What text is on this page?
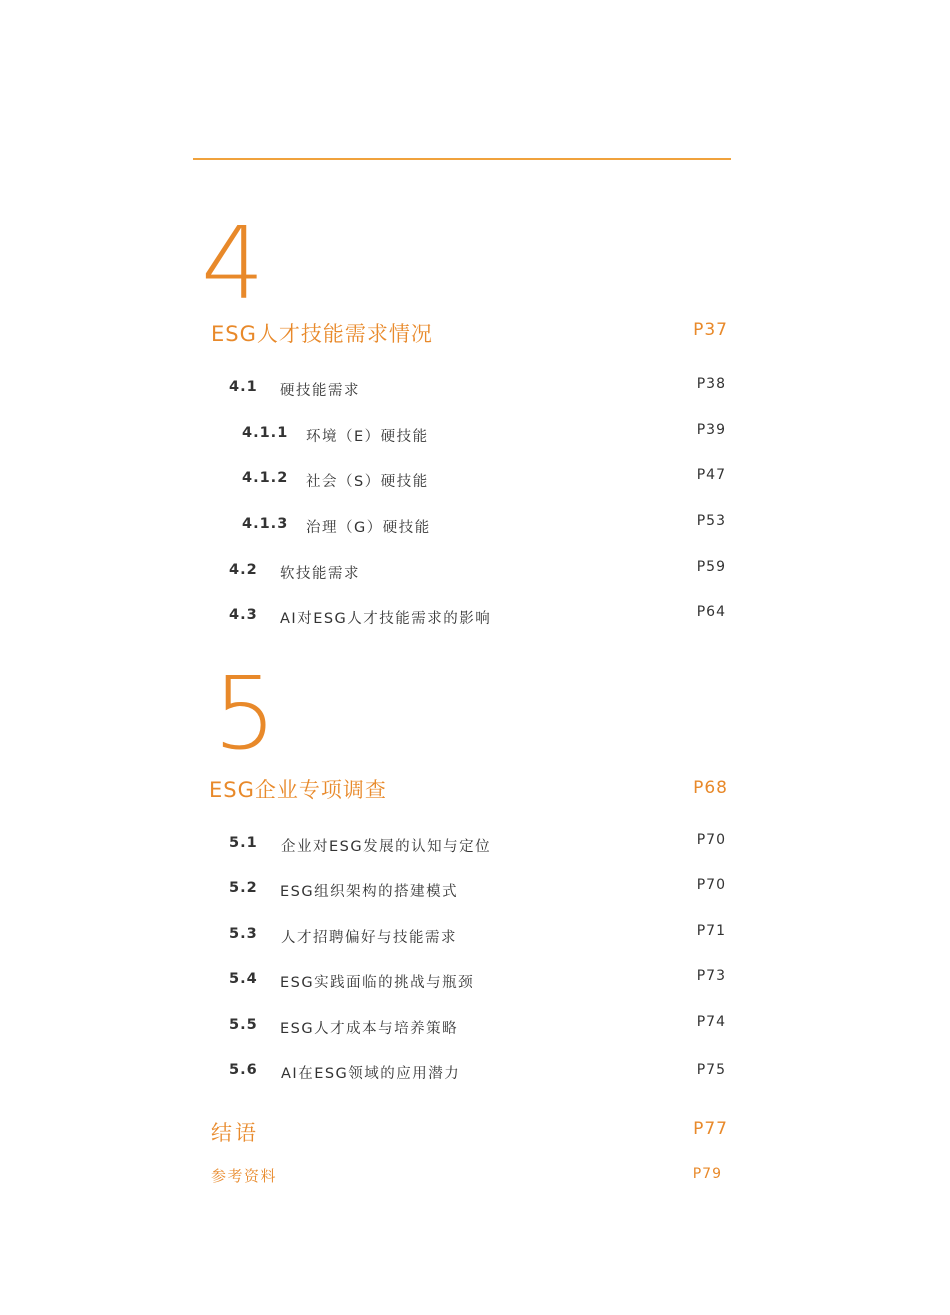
4
ESG人才技能需求情况	P37
4.1 硬技能需求	P38
4.1.1 环境（E）硬技能	P39
4.1.2 社会（S）硬技能	P47
4.1.3 治理（G）硬技能	P53
4.2 软技能需求	P59
4.3 AI对ESG人才技能需求的影响	P64
5
ESG企业专项调查	P68
5.1 企业对ESG发展的认知与定位	P70
5.2 ESG组织架构的搭建模式	P70
5.3 人才招聘偏好与技能需求	P71
5.4 ESG实践面临的挑战与瓶颈	P73
5.5 ESG人才成本与培养策略	P74
5.6 AI在ESG领域的应用潜力	P75
结语	P77
参考资料	P79
